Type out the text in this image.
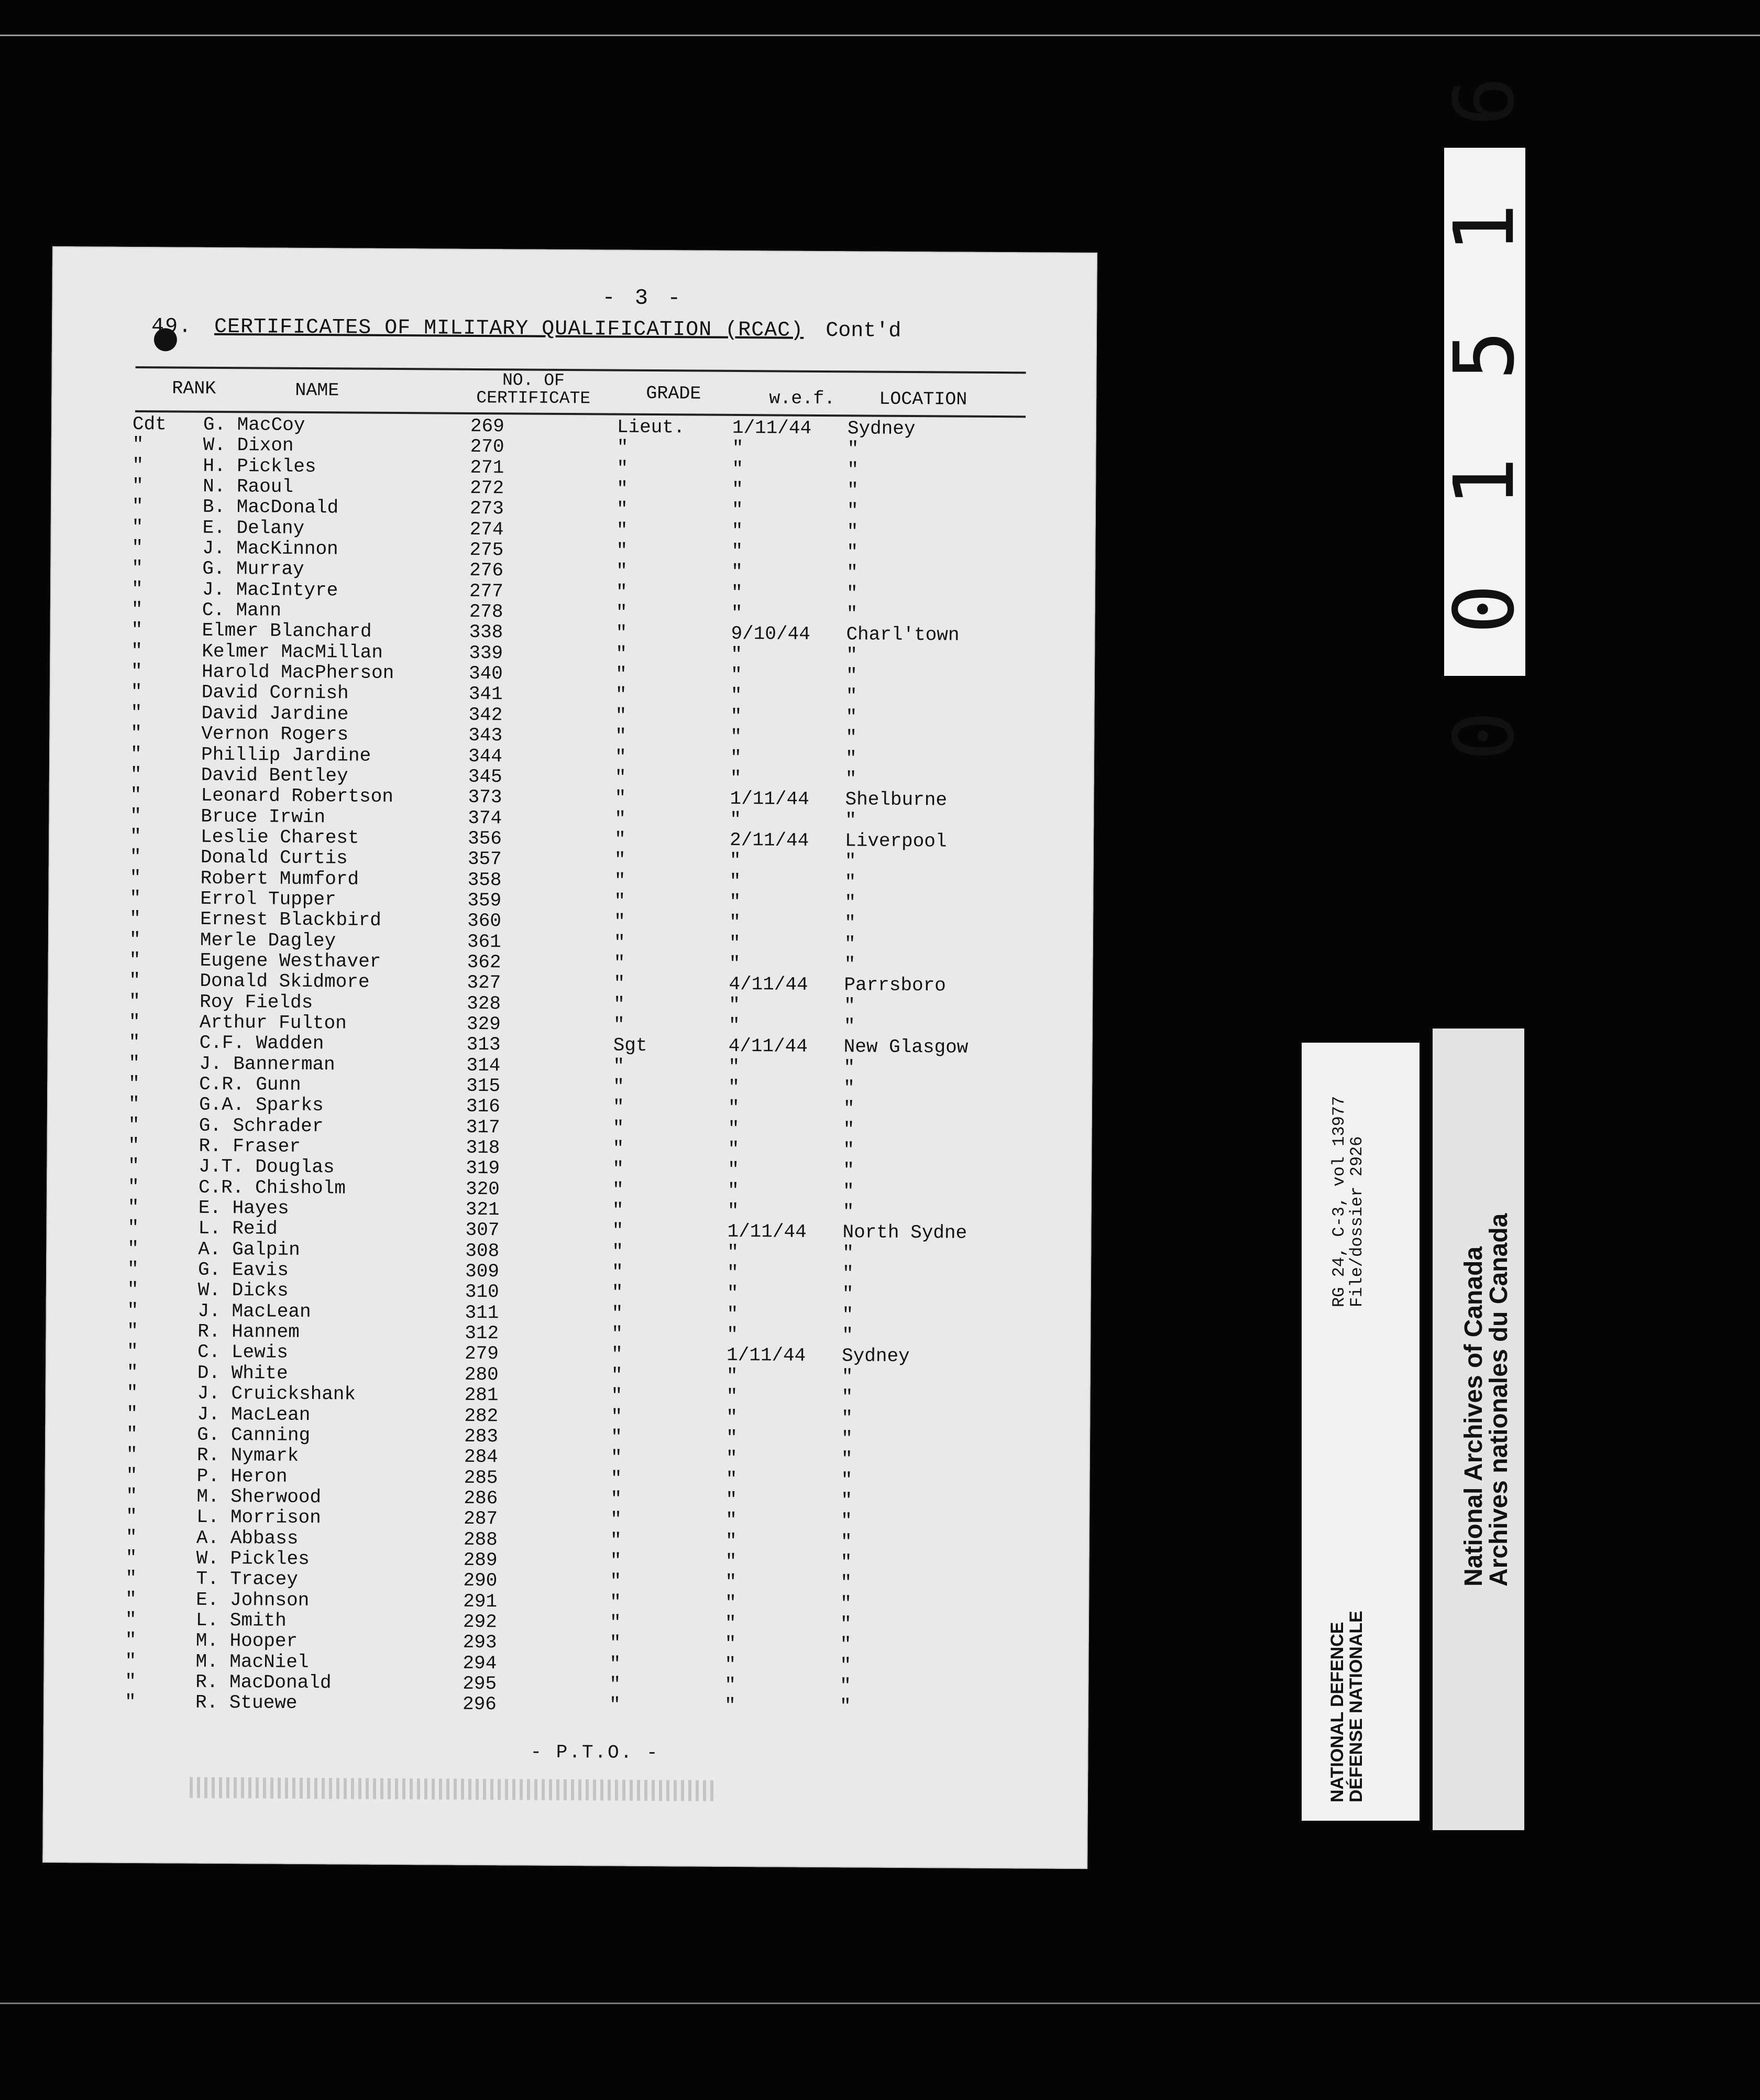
- 3 -
49. CERTIFICATES OF MILITARY QUALIFICATION (RCAC) Cont'd
RANK	NAME	NO. OF
CERTIFICATE	GRADE	w.e.f. LOCATION
Cdt G. MacCoy	269	Lieut.	1/11/44 Sydney
"	W. Dixon	270	"	"	"
"	H. Pickles	271	"	"	"
"	N. Raoul	272	"	"	"
"	B. MacDonald	273	"	"	"
"	E. Delany	274	"	"	"
"	J. MacKinnon	275	"	"	"
"	G. Murray	276	"	"	"
"	J. MacIntyre	277	"	"	"
"	C. Mann	278	"	"	"
"	Elmer Blanchard	338	"	9/10/44 Charl'town
"	Kelmer MacMillan	339	"	"	"
"	Harold MacPherson	340	"	"	"
"	David Cornish	341	"	"	"
"	David Jardine	342	"	"	"
"	Vernon Rogers	343	"	"	"
"	Phillip Jardine	344	"	"	"
"	David Bentley	345	"	"	"
"	Leonard Robertson	373	"	1/11/44 Shelburne
"	Bruce Irwin	374	"	"	"
"	Leslie Charest	356	"	2/11/44 Liverpool
"	Donald Curtis	357	"	"	"
"	Robert Mumford	358	"	"	"
"	Errol Tupper	359	"	"	"
"	Ernest Blackbird	360	"	"	"
"	Merle Dagley	361	"	"	"
"	Eugene Westhaver	362	"	"	"
"	Donald Skidmore	327	"	4/11/44 Parrsboro
"	Roy Fields	328	"	"	"
"	Arthur Fulton	329	"	"	"
"	C.F. Wadden	313	Sgt	4/11/44 New Glasgow
"	J. Bannerman	314	"	"	"
"	C.R. Gunn	315	"	"	"
"	G.A. Sparks	316	"	"	"
"	G. Schrader	317	"	"	"
"	R. Fraser	318	"	"	"
"	J.T. Douglas	319	"	"	"
"	C.R. Chisholm	320	"	"	"
"	E. Hayes	321	"	"	"
"	L. Reid	307	"	1/11/44 North Sydne
"	A. Galpin	308	"	"	"
"	G. Eavis	309	"	"	"
"	W. Dicks	310	"	"	"
"	J. MacLean	311	"	"	"
"	R. Hannem	312	"	"	"
"	C. Lewis	279	"	1/11/44 Sydney
"	D. White	280	"	"	"
"	J. Cruickshank	281	"	"	"
"	J. MacLean	282	"	"	"
"	G. Canning	283	"	"	"
"	R. Nymark	284	"	"	"
"	P. Heron	285	"	"	"
"	M. Sherwood	286	"	"	"
"	L. Morrison	287	"	"	"
"	A. Abbass	288	"	"	"
"	W. Pickles	289	"	"	"
"	T. Tracey	290	"	"	"
"	E. Johnson	291	"	"	"
"	L. Smith	292	"	"	"
"	M. Hooper	293	"	"	"
"	M. MacNiel	294	"	"	"
"	R. MacDonald	295	"	"	"
"	R. Stuewe	296	"	"	"
- P.T.O. -
0 0 1 5 1 6
NATIONAL DEFENCE
DÉFENSE NATIONALE
RG 24, C-3, vol 13977
File/dossier 2926
National Archives of Canada
Archives nationales du Canada
